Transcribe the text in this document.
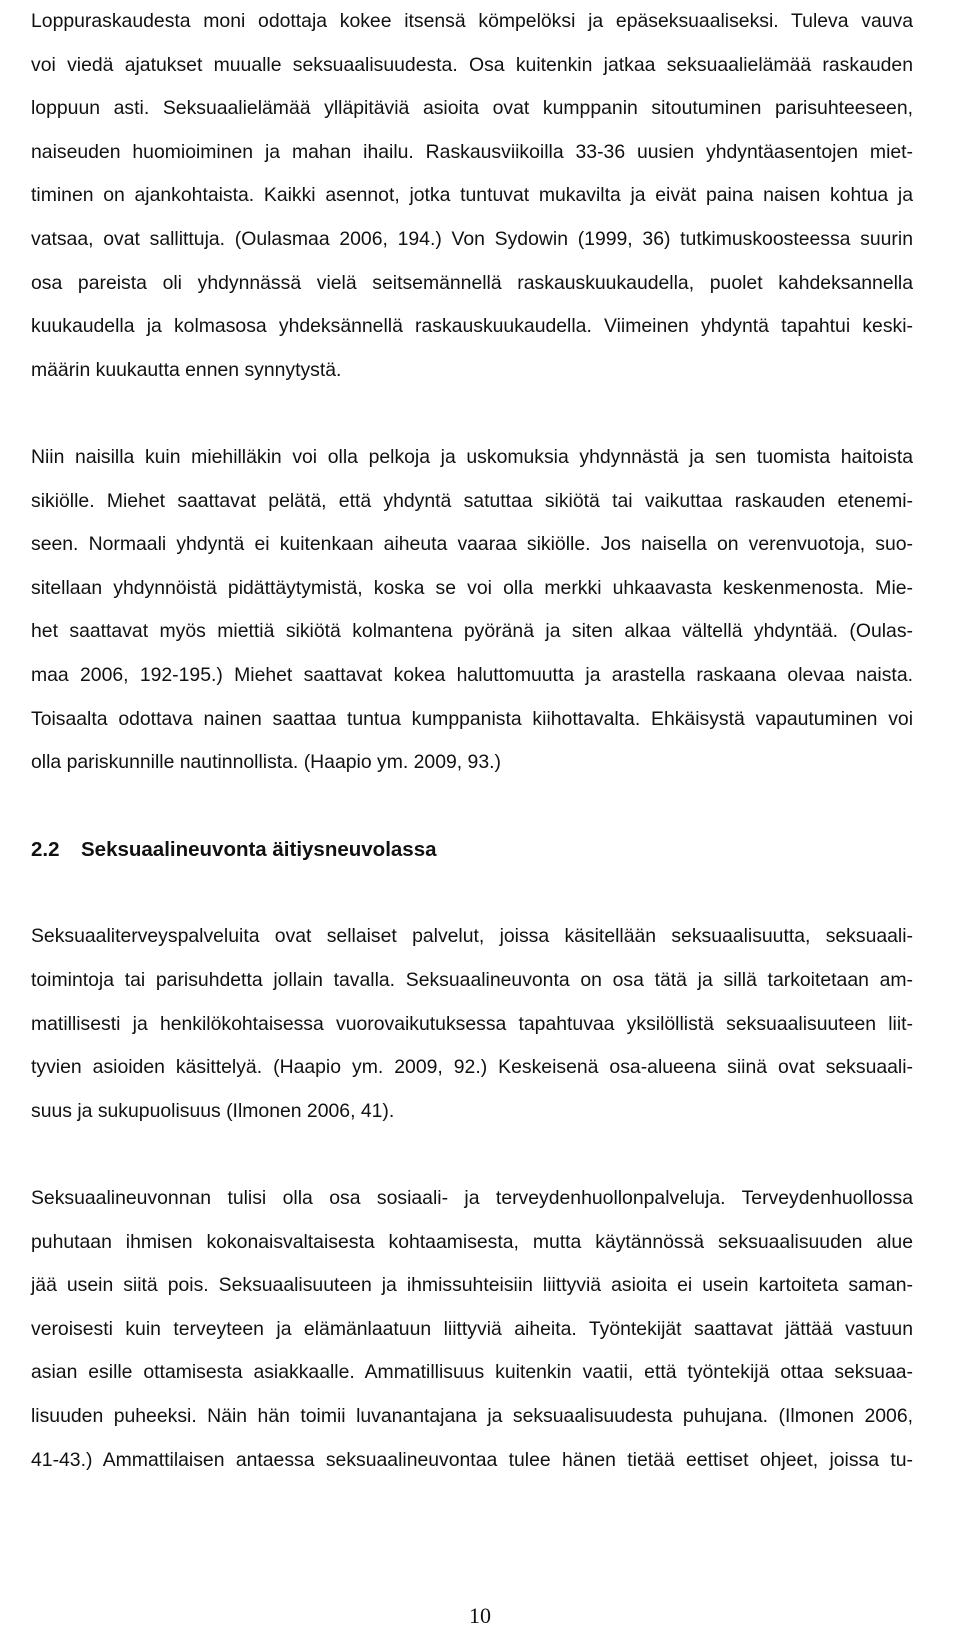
Loppuraskaudesta moni odottaja kokee itsensä kömpelöksi ja epäseksuaaliseksi. Tuleva vauva
voi viedä ajatukset muualle seksuaalisuudesta. Osa kuitenkin jatkaa seksuaalielämää raskauden
loppuun asti. Seksuaalielämää ylläpitäviä asioita ovat kumppanin sitoutuminen parisuhteeseen,
naiseuden huomioiminen ja mahan ihailu. Raskausviikoilla 33-36 uusien yhdyntäasentojen miet-
timinen on ajankohtaista. Kaikki asennot, jotka tuntuvat mukavilta ja eivät paina naisen kohtua ja
vatsaa, ovat sallittuja. (Oulasmaa 2006, 194.) Von Sydowin (1999, 36) tutkimuskoosteessa suurin
osa pareista oli yhdynnässä vielä seitsemännellä raskauskuukaudella, puolet kahdeksannella
kuukaudella ja kolmasosa yhdeksännellä raskauskuukaudella. Viimeinen yhdyntä tapahtui keski-
määrin kuukautta ennen synnytystä.
Niin naisilla kuin miehilläkin voi olla pelkoja ja uskomuksia yhdynnästä ja sen tuomista haitoista
sikiölle. Miehet saattavat pelätä, että yhdyntä satuttaa sikiötä tai vaikuttaa raskauden etenemi-
seen. Normaali yhdyntä ei kuitenkaan aiheuta vaaraa sikiölle. Jos naisella on verenvuotoja, suo-
sitellaan yhdynnöistä pidättäytymistä, koska se voi olla merkki uhkaavasta keskenmenosta. Mie-
het saattavat myös miettiä sikiötä kolmantena pyöränä ja siten alkaa vältellä yhdyntää. (Oulas-
maa 2006, 192-195.) Miehet saattavat kokea haluttomuutta ja arastella raskaana olevaa naista.
Toisaalta odottava nainen saattaa tuntua kumppanista kiihottavalta. Ehkäisystä vapautuminen voi
olla pariskunnille nautinnollista. (Haapio ym. 2009, 93.)
2.2 Seksuaalineuvonta äitiysneuvolassa
Seksuaaliterveyspalveluita ovat sellaiset palvelut, joissa käsitellään seksuaalisuutta, seksuaali-
toimintoja tai parisuhdetta jollain tavalla. Seksuaalineuvonta on osa tätä ja sillä tarkoitetaan am-
matillisesti ja henkilökohtaisessa vuorovaikutuksessa tapahtuvaa yksilöllistä seksuaalisuuteen liit-
tyvien asioiden käsittelyä. (Haapio ym. 2009, 92.) Keskeisenä osa-alueena siinä ovat seksuaali-
suus ja sukupuolisuus (Ilmonen 2006, 41).
Seksuaalineuvonnan tulisi olla osa sosiaali- ja terveydenhuollonpalveluja. Terveydenhuollossa
puhutaan ihmisen kokonaisvaltaisesta kohtaamisesta, mutta käytännössä seksuaalisuuden alue
jää usein siitä pois. Seksuaalisuuteen ja ihmissuhteisiin liittyviä asioita ei usein kartoiteta saman-
veroisesti kuin terveyteen ja elämänlaatuun liittyviä aiheita. Työntekijät saattavat jättää vastuun
asian esille ottamisesta asiakkaalle. Ammatillisuus kuitenkin vaatii, että työntekijä ottaa seksuaa-
lisuuden puheeksi. Näin hän toimii luvanantajana ja seksuaalisuudesta puhujana. (Ilmonen 2006,
41-43.) Ammattilaisen antaessa seksuaalineuvontaa tulee hänen tietää eettiset ohjeet, joissa tu-
10
